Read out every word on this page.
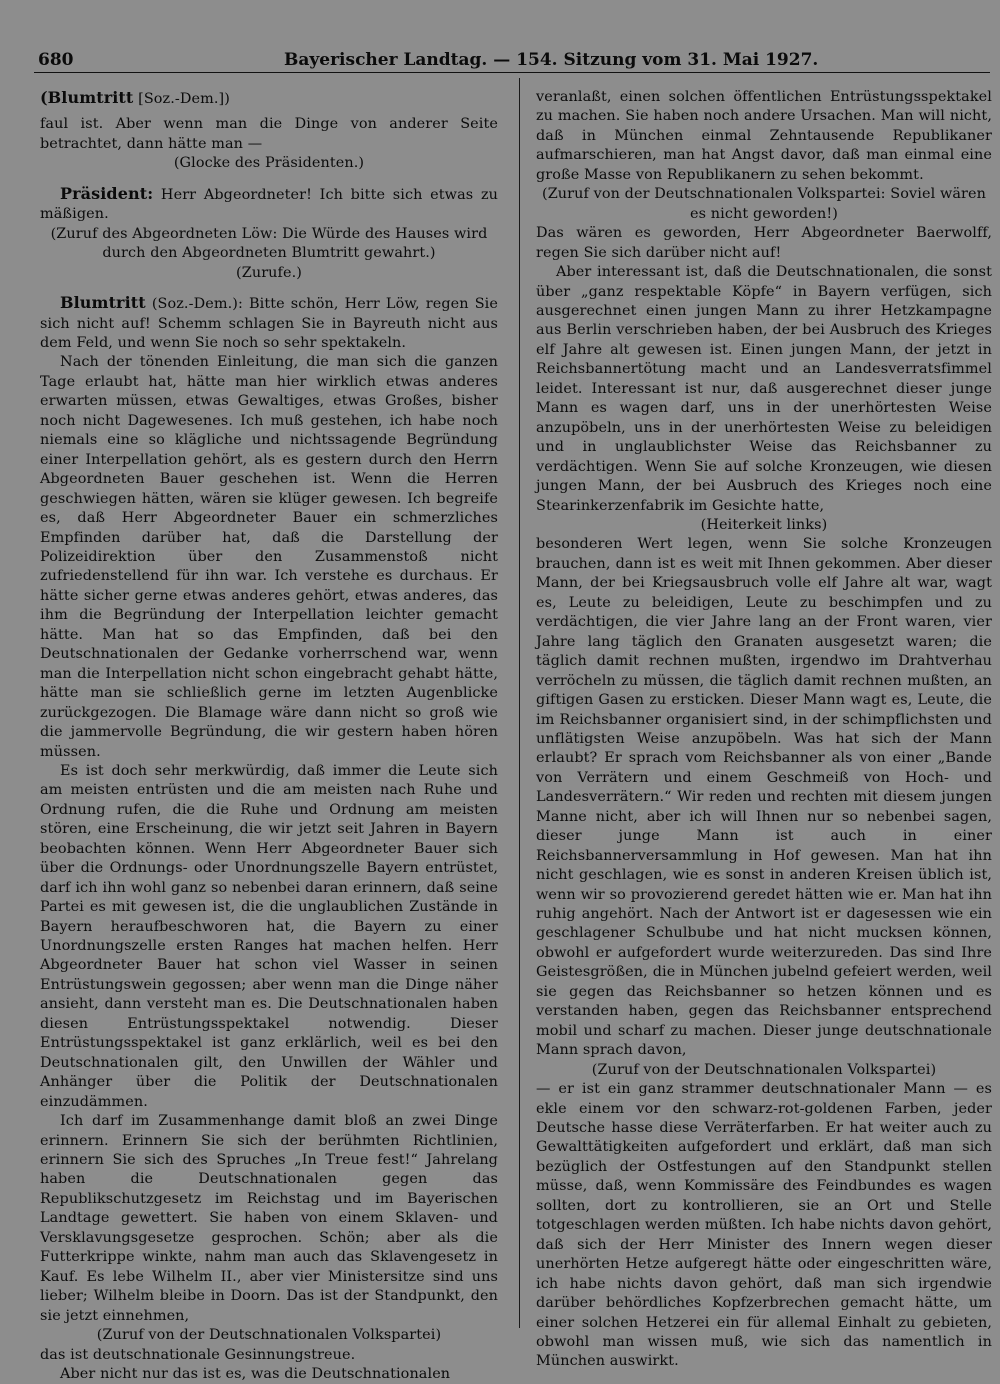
680	Bayerischer Landtag. — 154. Sitzung vom 31. Mai 1927.

(Blumtritt [Soz.-Dem.])

faul ist. Aber wenn man die Dinge von anderer Seite betrachtet, dann hätte man —

(Glocke des Präsidenten.)

Präsident: Herr Abgeordneter! Ich bitte sich etwas zu mäßigen.

(Zuruf des Abgeordneten Löw: Die Würde des Hauses wird durch den Abgeordneten Blumtritt gewahrt.)

(Zurufe.)

Blumtritt (Soz.-Dem.): Bitte schön, Herr Löw, regen Sie sich nicht auf! Schemm schlagen Sie in Bayreuth nicht aus dem Feld, und wenn Sie noch so sehr spektakeln.

Nach der tönenden Einleitung, die man sich die ganzen Tage erlaubt hat, hätte man hier wirklich etwas anderes erwarten müssen, etwas Gewaltiges, etwas Großes, bisher noch nicht Dagewesenes. Ich muß gestehen, ich habe noch niemals eine so klägliche und nichtssagende Begründung einer Interpellation gehört, als es gestern durch den Herrn Abgeordneten Bauer geschehen ist. Wenn die Herren geschwiegen hätten, wären sie klüger gewesen. Ich begreife es, daß Herr Abgeordneter Bauer ein schmerzliches Empfinden darüber hat, daß die Darstellung der Polizeidirektion über den Zusammenstoß nicht zufriedenstellend für ihn war. Ich verstehe es durchaus. Er hätte sicher gerne etwas anderes gehört, etwas anderes, das ihm die Begründung der Interpellation leichter gemacht hätte. Man hat so das Empfinden, daß bei den Deutschnationalen der Gedanke vorherrschend war, wenn man die Interpellation nicht schon eingebracht gehabt hätte, hätte man sie schließlich gerne im letzten Augenblicke zurückgezogen. Die Blamage wäre dann nicht so groß wie die jammervolle Begründung, die wir gestern haben hören müssen.

Es ist doch sehr merkwürdig, daß immer die Leute sich am meisten entrüsten und die am meisten nach Ruhe und Ordnung rufen, die die Ruhe und Ordnung am meisten stören, eine Erscheinung, die wir jetzt seit Jahren in Bayern beobachten können. Wenn Herr Abgeordneter Bauer sich über die Ordnungs- oder Unordnungszelle Bayern entrüstet, darf ich ihn wohl ganz so nebenbei daran erinnern, daß seine Partei es mit gewesen ist, die die unglaublichen Zustände in Bayern heraufbeschworen hat, die Bayern zu einer Unordnungszelle ersten Ranges hat machen helfen. Herr Abgeordneter Bauer hat schon viel Wasser in seinen Entrüstungswein gegossen; aber wenn man die Dinge näher ansieht, dann versteht man es. Die Deutschnationalen haben diesen Entrüstungsspektakel notwendig. Dieser Entrüstungsspektakel ist ganz erklärlich, weil es bei den Deutschnationalen gilt, den Unwillen der Wähler und Anhänger über die Politik der Deutschnationalen einzudämmen.

Ich darf im Zusammenhange damit bloß an zwei Dinge erinnern. Erinnern Sie sich der berühmten Richtlinien, erinnern Sie sich des Spruches „In Treue fest!“ Jahrelang haben die Deutschnationalen gegen das Republikschutzgesetz im Reichstag und im Bayerischen Landtage gewettert. Sie haben von einem Sklaven- und Versklavungsgesetze gesprochen. Schön; aber als die Futterkrippe winkte, nahm man auch das Sklavengesetz in Kauf. Es lebe Wilhelm II., aber vier Ministersitze sind uns lieber; Wilhelm bleibe in Doorn. Das ist der Standpunkt, den sie jetzt einnehmen,

(Zuruf von der Deutschnationalen Volkspartei)

das ist deutschnationale Gesinnungstreue.

Aber nicht nur das ist es, was die Deutschnationalen

veranlaßt, einen solchen öffentlichen Entrüstungsspektakel zu machen. Sie haben noch andere Ursachen. Man will nicht, daß in München einmal Zehntausende Republikaner aufmarschieren, man hat Angst davor, daß man einmal eine große Masse von Republikanern zu sehen bekommt.

(Zuruf von der Deutschnationalen Volkspartei: Soviel wären es nicht geworden!)

Das wären es geworden, Herr Abgeordneter Baerwolff, regen Sie sich darüber nicht auf!

Aber interessant ist, daß die Deutschnationalen, die sonst über „ganz respektable Köpfe“ in Bayern verfügen, sich ausgerechnet einen jungen Mann zu ihrer Hetzkampagne aus Berlin verschrieben haben, der bei Ausbruch des Krieges elf Jahre alt gewesen ist. Einen jungen Mann, der jetzt in Reichsbannertötung macht und an Landesverratsfimmel leidet. Interessant ist nur, daß ausgerechnet dieser junge Mann es wagen darf, uns in der unerhörtesten Weise anzupöbeln, uns in der unerhörtesten Weise zu beleidigen und in unglaublichster Weise das Reichsbanner zu verdächtigen. Wenn Sie auf solche Kronzeugen, wie diesen jungen Mann, der bei Ausbruch des Krieges noch eine Stearinkerzenfabrik im Gesichte hatte,

(Heiterkeit links)

besonderen Wert legen, wenn Sie solche Kronzeugen brauchen, dann ist es weit mit Ihnen gekommen. Aber dieser Mann, der bei Kriegsausbruch volle elf Jahre alt war, wagt es, Leute zu beleidigen, Leute zu beschimpfen und zu verdächtigen, die vier Jahre lang an der Front waren, vier Jahre lang täglich den Granaten ausgesetzt waren; die täglich damit rechnen mußten, irgendwo im Drahtverhau verröcheln zu müssen, die täglich damit rechnen mußten, an giftigen Gasen zu ersticken. Dieser Mann wagt es, Leute, die im Reichsbanner organisiert sind, in der schimpflichsten und unflätigsten Weise anzupöbeln. Was hat sich der Mann erlaubt? Er sprach vom Reichsbanner als von einer „Bande von Verrätern und einem Geschmeiß von Hoch- und Landesverrätern.“ Wir reden und rechten mit diesem jungen Manne nicht, aber ich will Ihnen nur so nebenbei sagen, dieser junge Mann ist auch in einer Reichsbannerversammlung in Hof gewesen. Man hat ihn nicht geschlagen, wie es sonst in anderen Kreisen üblich ist, wenn wir so provozierend geredet hätten wie er. Man hat ihn ruhig angehört. Nach der Antwort ist er dagesessen wie ein geschlagener Schulbube und hat nicht mucksen können, obwohl er aufgefordert wurde weiterzureden. Das sind Ihre Geistesgrößen, die in München jubelnd gefeiert werden, weil sie gegen das Reichsbanner so hetzen können und es verstanden haben, gegen das Reichsbanner entsprechend mobil und scharf zu machen. Dieser junge deutschnationale Mann sprach davon,

(Zuruf von der Deutschnationalen Volkspartei)

— er ist ein ganz strammer deutschnationaler Mann — es ekle einem vor den schwarz-rot-goldenen Farben, jeder Deutsche hasse diese Verräterfarben. Er hat weiter auch zu Gewalttätigkeiten aufgefordert und erklärt, daß man sich bezüglich der Ostfestungen auf den Standpunkt stellen müsse, daß, wenn Kommissäre des Feindbundes es wagen sollten, dort zu kontrollieren, sie an Ort und Stelle totgeschlagen werden müßten. Ich habe nichts davon gehört, daß sich der Herr Minister des Innern wegen dieser unerhörten Hetze aufgeregt hätte oder eingeschritten wäre, ich habe nichts davon gehört, daß man sich irgendwie darüber behördliches Kopfzerbrechen gemacht hätte, um einer solchen Hetzerei ein für allemal Einhalt zu gebieten, obwohl man wissen muß, wie sich das namentlich in München auswirkt.
